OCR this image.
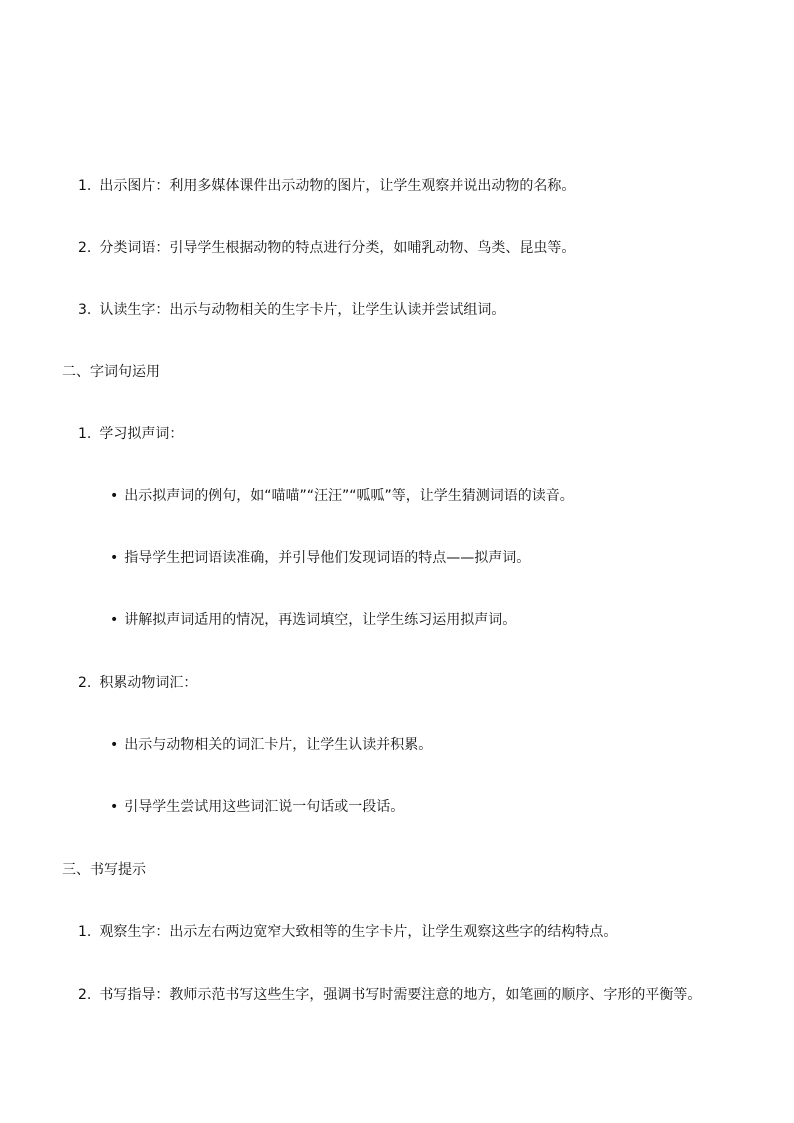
1. 出示图片：利用多媒体课件出示动物的图片，让学生观察并说出动物的名称。
2. 分类词语：引导学生根据动物的特点进行分类，如哺乳动物、鸟类、昆虫等。
3. 认读生字：出示与动物相关的生字卡片，让学生认读并尝试组词。
二、字词句运用
1. 学习拟声词：
• 出示拟声词的例句，如“喵喵”“汪汪”“呱呱”等，让学生猜测词语的读音。
• 指导学生把词语读准确，并引导他们发现词语的特点——拟声词。
• 讲解拟声词适用的情况，再选词填空，让学生练习运用拟声词。
2. 积累动物词汇：
• 出示与动物相关的词汇卡片，让学生认读并积累。
• 引导学生尝试用这些词汇说一句话或一段话。
三、书写提示
1. 观察生字：出示左右两边宽窄大致相等的生字卡片，让学生观察这些字的结构特点。
2. 书写指导：教师示范书写这些生字，强调书写时需要注意的地方，如笔画的顺序、字形的平衡等。
